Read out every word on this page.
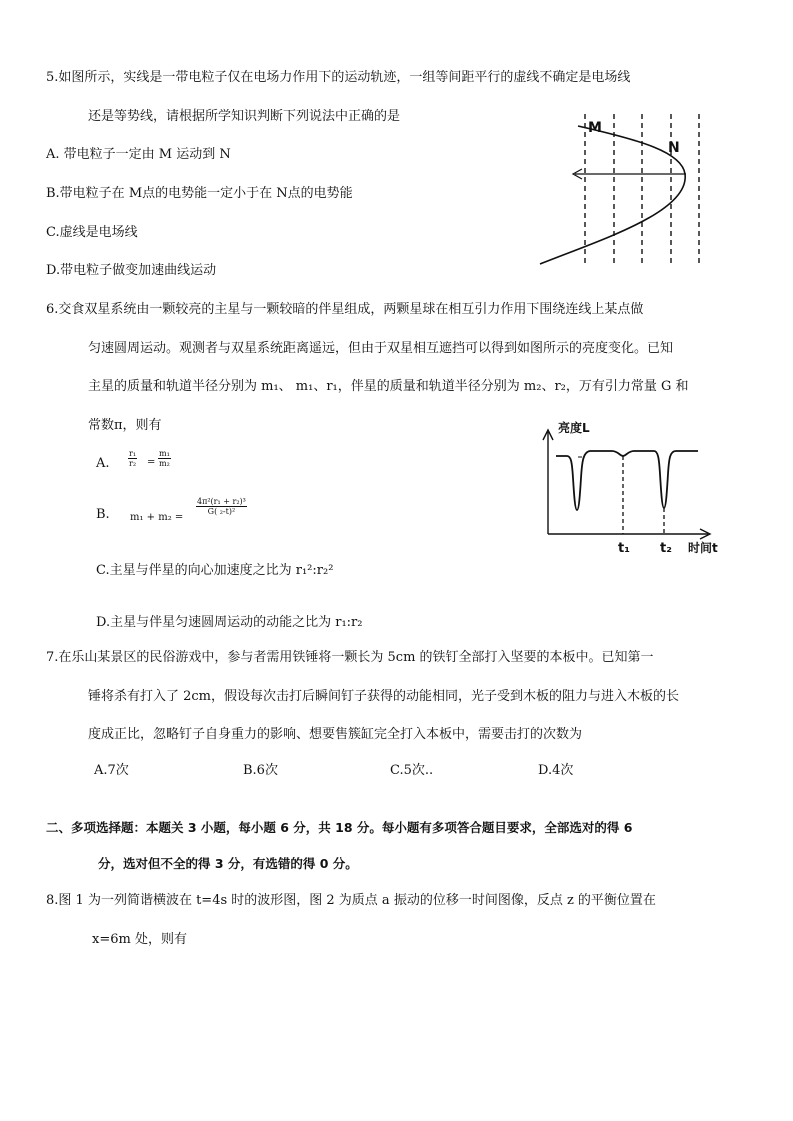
5.如图所示，实线是一带电粒子仅在电场力作用下的运动轨迹，一组等间距平行的虚线不确定是电场线
还是等势线，请根据所学知识判断下列说法中正确的是
A. 带电粒子一定由 M 运动到 N
B.带电粒子在 M点的电势能一定小于在 N点的电势能
C.虚线是电场线
D.带电粒子做变加速曲线运动
M
N
6.交食双星系统由一颗较亮的主星与一颗较暗的伴星组成，两颗星球在相互引力作用下围绕连线上某点做
匀速圆周运动。观测者与双星系统距离遥远，但由于双星相互遮挡可以得到如图所示的亮度变化。已知
主星的质量和轨道半径分别为 m₁、 m₁、r₁，伴星的质量和轨道半径分别为 m₂、r₂，万有引力常量 G 和
常数π，则有
A. $\frac{\text{r₁}}{\text{r₂}} = \frac{\text{m₁}}{\text{m₂}}$
B. m₁ + m₂ =
$\frac{\text{4π²(r₁ + r₂)³}}{\text{G( ₂-t)²}}$
C.主星与伴星的向心加速度之比为 r₁²:r₂²
D.主星与伴星匀速圆周运动的动能之比为 r₁:r₂
亮度L
t₁ t₂ 时间t
7.在乐山某景区的民俗游戏中，参与者需用铁锤将一颗长为 5cm 的铁钉全部打入坚要的本板中。已知第一
锤将杀有打入了 2cm，假设每次击打后瞬间钉子获得的动能相同，光子受到木板的阻力与进入木板的长
度成正比，忽略钉子自身重力的影响、想要售簇缸完全打入本板中，需要击打的次数为
A.7次	B.6次	C.5次..	D.4次
二、多项选择题：本题关 3 小题，每小题 6 分，共 18 分。每小题有多项答合题目要求，全部选对的得 6
分，选对但不全的得 3 分，有选错的得 0 分。
8.图 1 为一列简谐横波在 t=4s 时的波形图，图 2 为质点 a 振动的位移一时间图像，反点 z 的平衡位置在
x=6m 处，则有
